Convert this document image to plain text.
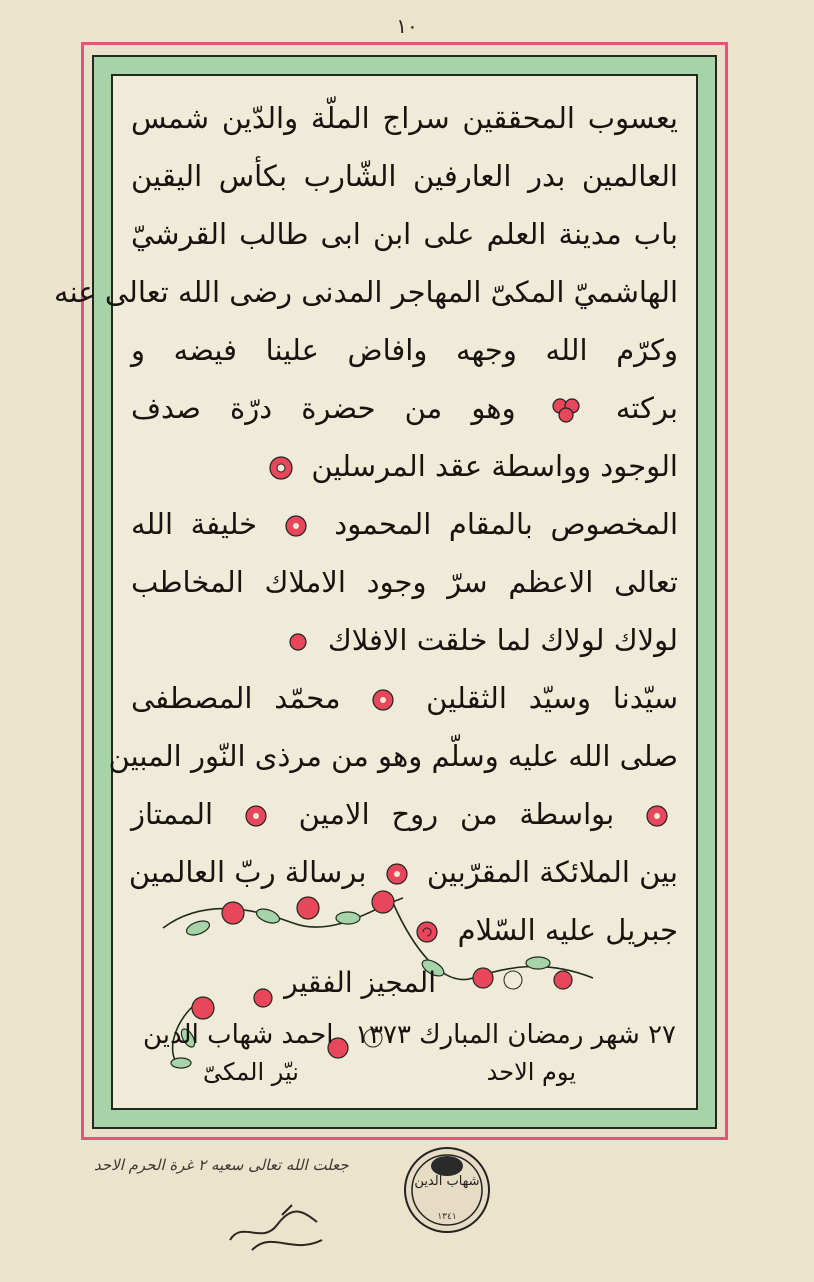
١٠
يعسوب المحققين سراج الملّة والدّين شمس
العالمين بدر العارفين الشّارب بكأس اليقين
باب مدينة العلم على ابن ابى طالب القرشيّ
الهاشميّ المكىّ المهاجر المدنى رضى الله تعالى عنه
وكرّم الله وجهه وافاض علينا فيضه و
بركته  وهو من حضرة درّة صدف
الوجود وواسطة عقد المرسلين
المخصوص بالمقام المحمود  خليفة الله
تعالى الاعظم سرّ وجود الاملاك المخاطب
لولاك لولاك لما خلقت الافلاك
سيّدنا وسيّد الثقلين  محمّد المصطفى
صلى الله عليه وسلّم وهو من مرذى النّور المبين
بواسطة من روح الامين  الممتاز
بين الملائكة المقرّبين  برسالة ربّ العالمين
جبريل عليه السّلام
المجيز الفقير
٢٧ شهر رمضان المبارك ١٣٧٣
احمد شهاب الدين
يوم الاحد
نيّر المكىّ
جعلت الله تعالى سعيه ٢ غرة الحرم الاحد
شهاب الدين
١٣٤١
